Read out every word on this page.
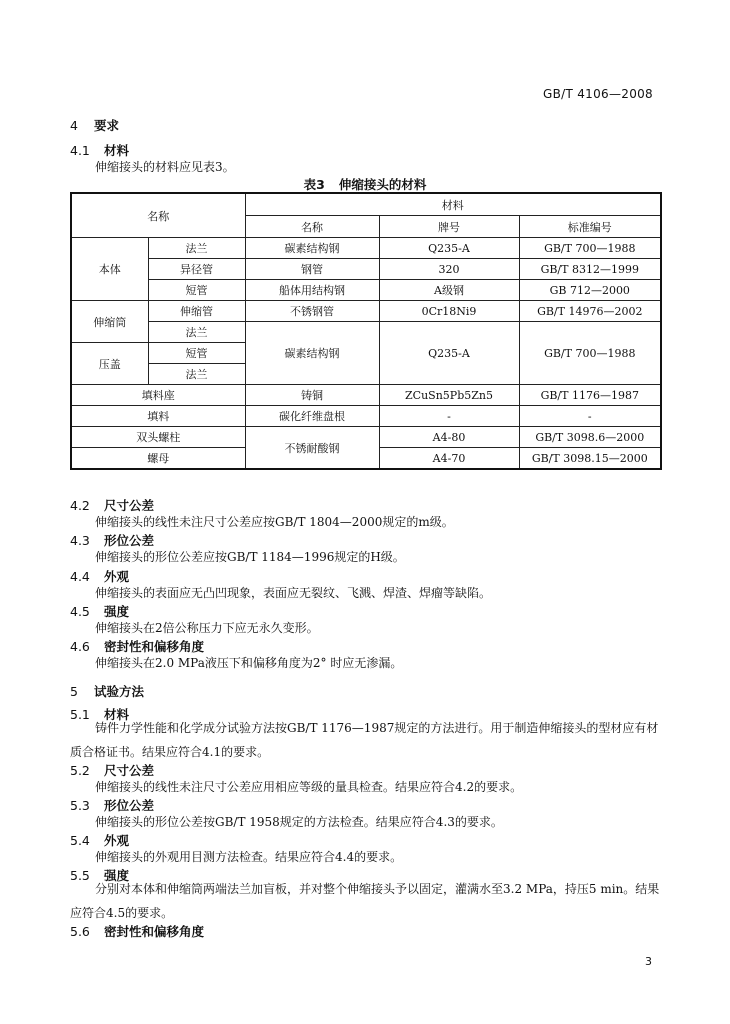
GB/T 4106—2008
4 要求
4.1 材料
伸缩接头的材料应见表3。
表3 伸缩接头的材料
名称		材料		
		名称	牌号	标准编号
本体	法兰	碳素结构钢	Q235-A	GB/T 700—1988
	异径管	钢管	320	GB/T 8312—1999
	短管	船体用结构钢	A级钢	GB 712—2000
伸缩筒	伸缩管	不锈钢管	0Cr18Ni9	GB/T 14976—2002
	法兰	碳素结构钢	Q235-A	GB/T 700—1988
压盖	短管			
	法兰			
填料座		铸铜	ZCuSn5Pb5Zn5	GB/T 1176—1987
填料		碳化纤维盘根	-	-
双头螺柱		不锈耐酸钢	A4-80	GB/T 3098.6—2000
螺母			A4-70	GB/T 3098.15—2000
4.2 尺寸公差
伸缩接头的线性未注尺寸公差应按GB/T 1804—2000规定的m级。
4.3 形位公差
伸缩接头的形位公差应按GB/T 1184—1996规定的H级。
4.4 外观
伸缩接头的表面应无凸凹现象，表面应无裂纹、飞溅、焊渣、焊瘤等缺陷。
4.5 强度
伸缩接头在2倍公称压力下应无永久变形。
4.6 密封性和偏移角度
伸缩接头在2.0 MPa液压下和偏移角度为2° 时应无渗漏。
5 试验方法
5.1 材料
铸件力学性能和化学成分试验方法按GB/T 1176—1987规定的方法进行。用于制造伸缩接头的型材应有材质合格证书。结果应符合4.1的要求。
5.2 尺寸公差
伸缩接头的线性未注尺寸公差应用相应等级的量具检查。结果应符合4.2的要求。
5.3 形位公差
伸缩接头的形位公差按GB/T 1958规定的方法检查。结果应符合4.3的要求。
5.4 外观
伸缩接头的外观用目测方法检查。结果应符合4.4的要求。
5.5 强度
分别对本体和伸缩筒两端法兰加盲板，并对整个伸缩接头予以固定，灌满水至3.2 MPa，持压5 min。结果应符合4.5的要求。
5.6 密封性和偏移角度
3
